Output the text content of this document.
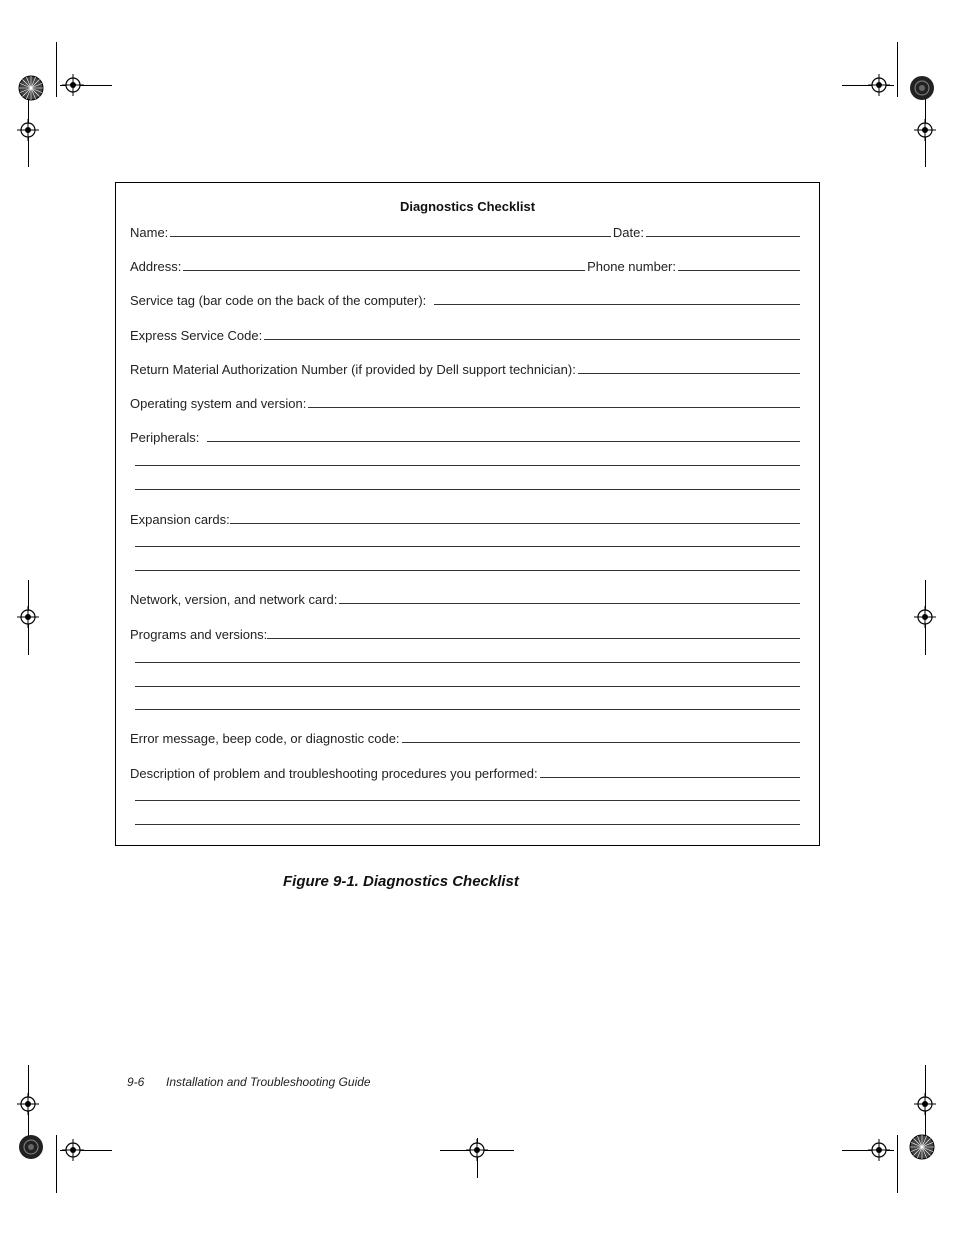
Diagnostics Checklist
Name:	Date:
Address:	Phone number:
Service tag (bar code on the back of the computer):
Express Service Code:
Return Material Authorization Number (if provided by Dell support technician):
Operating system and version:
Peripherals:
Expansion cards:
Network, version, and network card:
Programs and versions:
Error message, beep code, or diagnostic code:
Description of problem and troubleshooting procedures you performed:
Figure 9-1. Diagnostics Checklist
9-6 Installation and Troubleshooting Guide
